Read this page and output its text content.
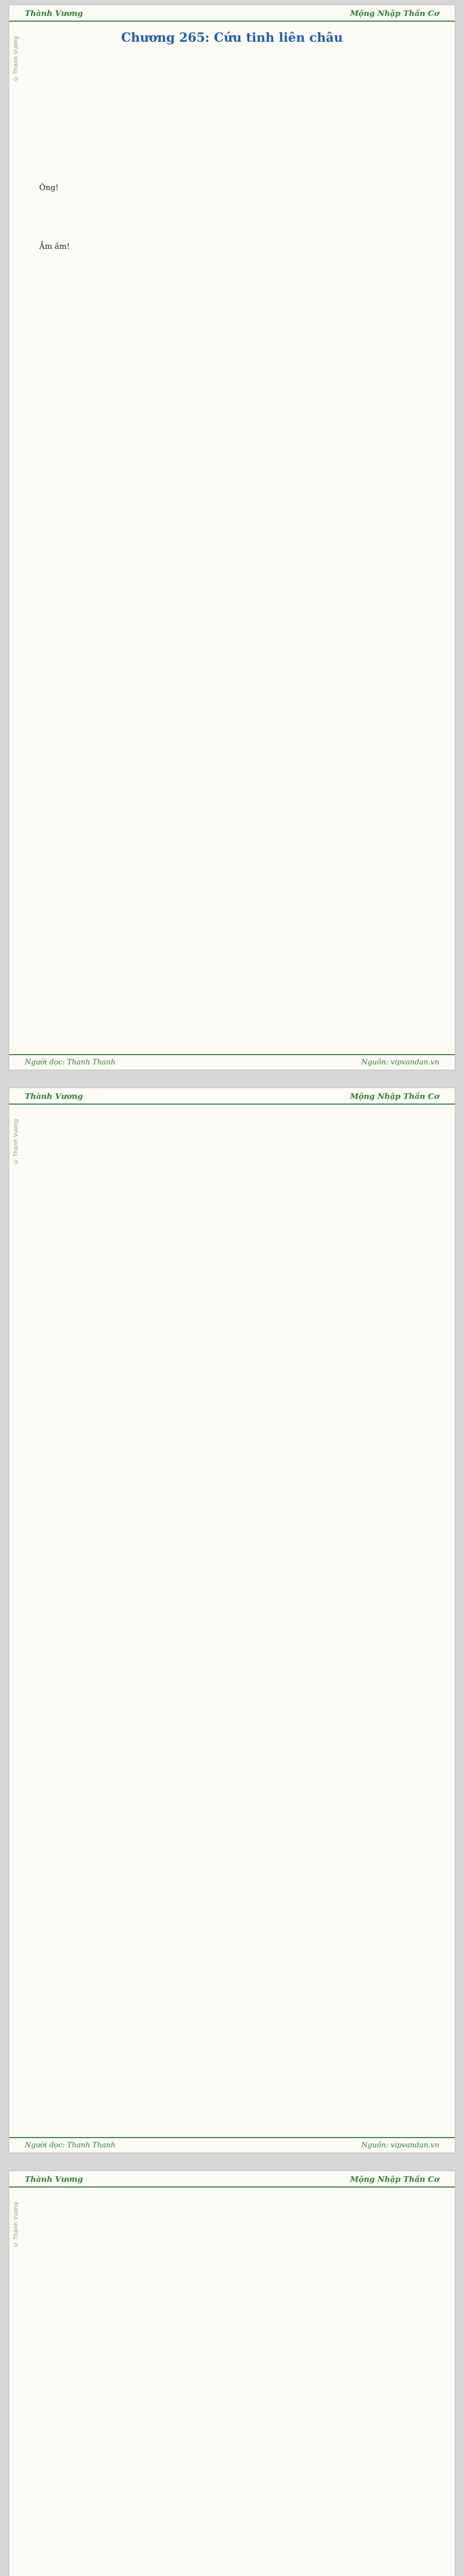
Thành Vương	Mộng Nhập Thần Cơ
© Thành Vương	Chương 265: Cứu tinh liên châu

Ông!

Ầm ầm!

Người đọc: Thanh Thanh	Nguồn: vipvandan.vn
Thành Vương	Mộng Nhập Thần Cơ
© Thành Vương

Người đọc: Thanh Thanh	Nguồn: vipvandan.vn
Thành Vương	Mộng Nhập Thần Cơ
© Thành Vương
